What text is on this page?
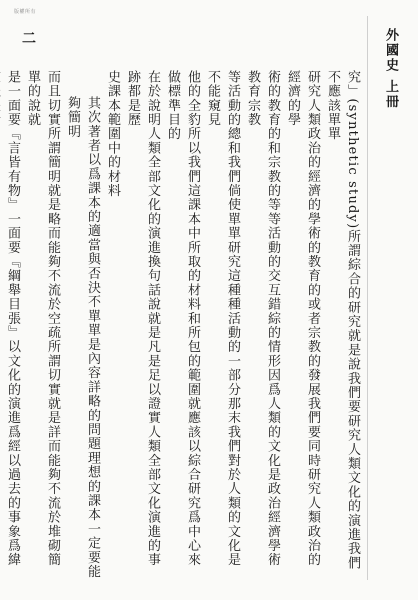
版權所有
外國史 上冊
二
究」(synthetic study)所謂綜合的研究就是說我們要研究人類文化的演進我們不應該單單
研究人類政治的經濟的學術的教育的或者宗教的發展我們要同時研究人類政治的經濟的學
術的教育的和宗教的等等活動的交互錯綜的情形因爲人類的文化是政治經濟學術教育宗教
等活動的總和我們倘使單單研究這種種活動的一部分那末我們對於人類的文化是不能窺見
他的全豹所以我們這課本中所取的材料和所包的範圍就應該以綜合研究爲中心來做標準目的
在於說明人類全部文化的演進換句話說就是凡是足以證實人類全部文化演進的事跡都是歷
史課本範圍中的材料
其次著者以爲課本的適當與否決不單單是內容詳略的問題理想的課本一定要能夠簡明
而且切實所謂簡明就是略而能夠不流於空疏所謂切實就是詳而能夠不流於堆砌簡單的說就
是一面要『言皆有物』一面要『綱舉目張』以文化的演進爲經以過去的事象爲緯
